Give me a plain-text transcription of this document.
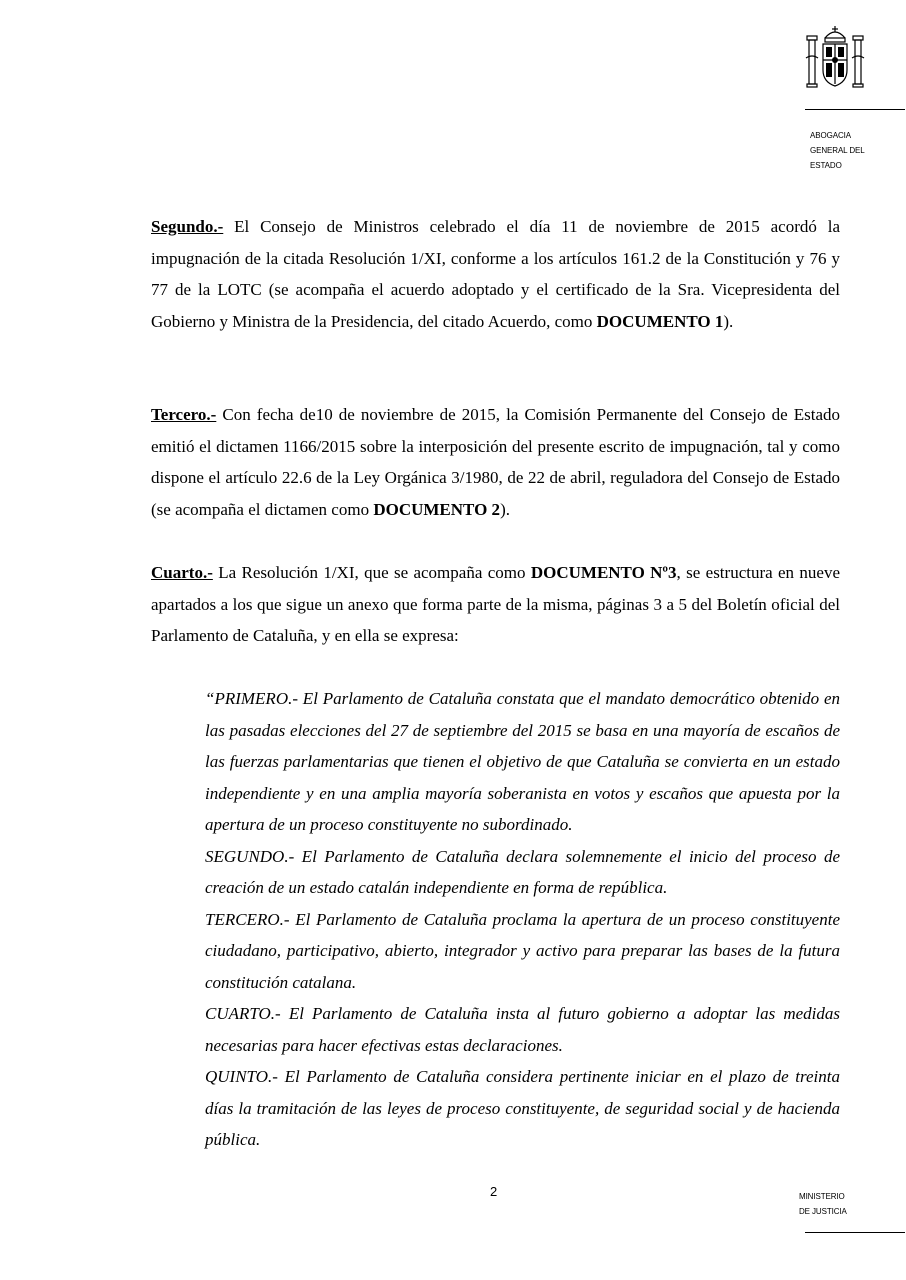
ABOGACIA
GENERAL DEL
ESTADO

Segundo.- El Consejo de Ministros celebrado el día 11 de noviembre de 2015 acordó la impugnación de la citada Resolución 1/XI, conforme a los artículos 161.2 de la Constitución y 76 y 77 de la LOTC (se acompaña el acuerdo adoptado y el certificado de la Sra. Vicepresidenta del Gobierno y Ministra de la Presidencia, del citado Acuerdo, como DOCUMENTO 1).

Tercero.- Con fecha de10 de noviembre de 2015, la Comisión Permanente del Consejo de Estado emitió el dictamen 1166/2015 sobre la interposición del presente escrito de impugnación, tal y como dispone el artículo 22.6 de la Ley Orgánica 3/1980, de 22 de abril, reguladora del Consejo de Estado (se acompaña el dictamen como DOCUMENTO 2).

Cuarto.- La Resolución 1/XI, que se acompaña como DOCUMENTO Nº3, se estructura en nueve apartados a los que sigue un anexo que forma parte de la misma, páginas 3 a 5 del Boletín oficial del Parlamento de Cataluña, y en ella se expresa:

“PRIMERO.- El Parlamento de Cataluña constata que el mandato democrático obtenido en las pasadas elecciones del 27 de septiembre del 2015 se basa en una mayoría de escaños de las fuerzas parlamentarias que tienen el objetivo de que Cataluña se convierta en un estado independiente y en una amplia mayoría soberanista en votos y escaños que apuesta por la apertura de un proceso constituyente no subordinado.

SEGUNDO.- El Parlamento de Cataluña declara solemnemente el inicio del proceso de creación de un estado catalán independiente en forma de república.

TERCERO.- El Parlamento de Cataluña proclama la apertura de un proceso constituyente ciudadano, participativo, abierto, integrador y activo para preparar las bases de la futura constitución catalana.

CUARTO.- El Parlamento de Cataluña insta al futuro gobierno a adoptar las medidas necesarias para hacer efectivas estas declaraciones.

QUINTO.- El Parlamento de Cataluña considera pertinente iniciar en el plazo de treinta días la tramitación de las leyes de proceso constituyente, de seguridad social y de hacienda pública.

2	MINISTERIO
DE JUSTICIA
